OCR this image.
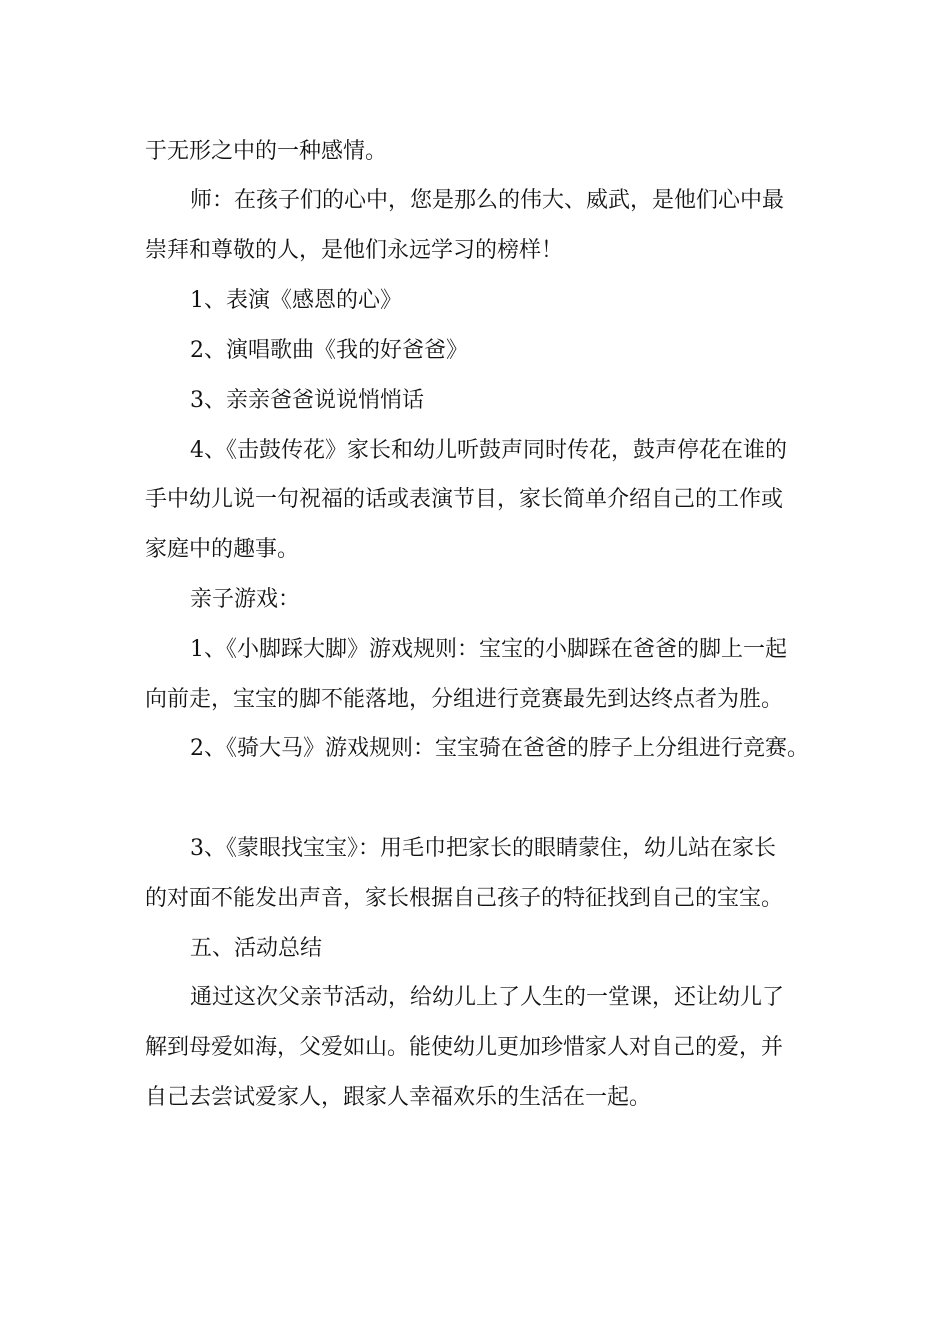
于无形之中的一种感情。
师：在孩子们的心中，您是那么的伟大、威武，是他们心中最
崇拜和尊敬的人，是他们永远学习的榜样！
1、表演《感恩的心》
2、演唱歌曲《我的好爸爸》
3、亲亲爸爸说说悄悄话
4、《击鼓传花》家长和幼儿听鼓声同时传花，鼓声停花在谁的
手中幼儿说一句祝福的话或表演节目，家长简单介绍自己的工作或
家庭中的趣事。
亲子游戏：
1、《小脚踩大脚》游戏规则：宝宝的小脚踩在爸爸的脚上一起
向前走，宝宝的脚不能落地，分组进行竞赛最先到达终点者为胜。
2、《骑大马》游戏规则：宝宝骑在爸爸的脖子上分组进行竞赛。
3、《蒙眼找宝宝》：用毛巾把家长的眼睛蒙住，幼儿站在家长
的对面不能发出声音，家长根据自己孩子的特征找到自己的宝宝。
五、活动总结
通过这次父亲节活动，给幼儿上了人生的一堂课，还让幼儿了
解到母爱如海，父爱如山。能使幼儿更加珍惜家人对自己的爱，并
自己去尝试爱家人，跟家人幸福欢乐的生活在一起。
